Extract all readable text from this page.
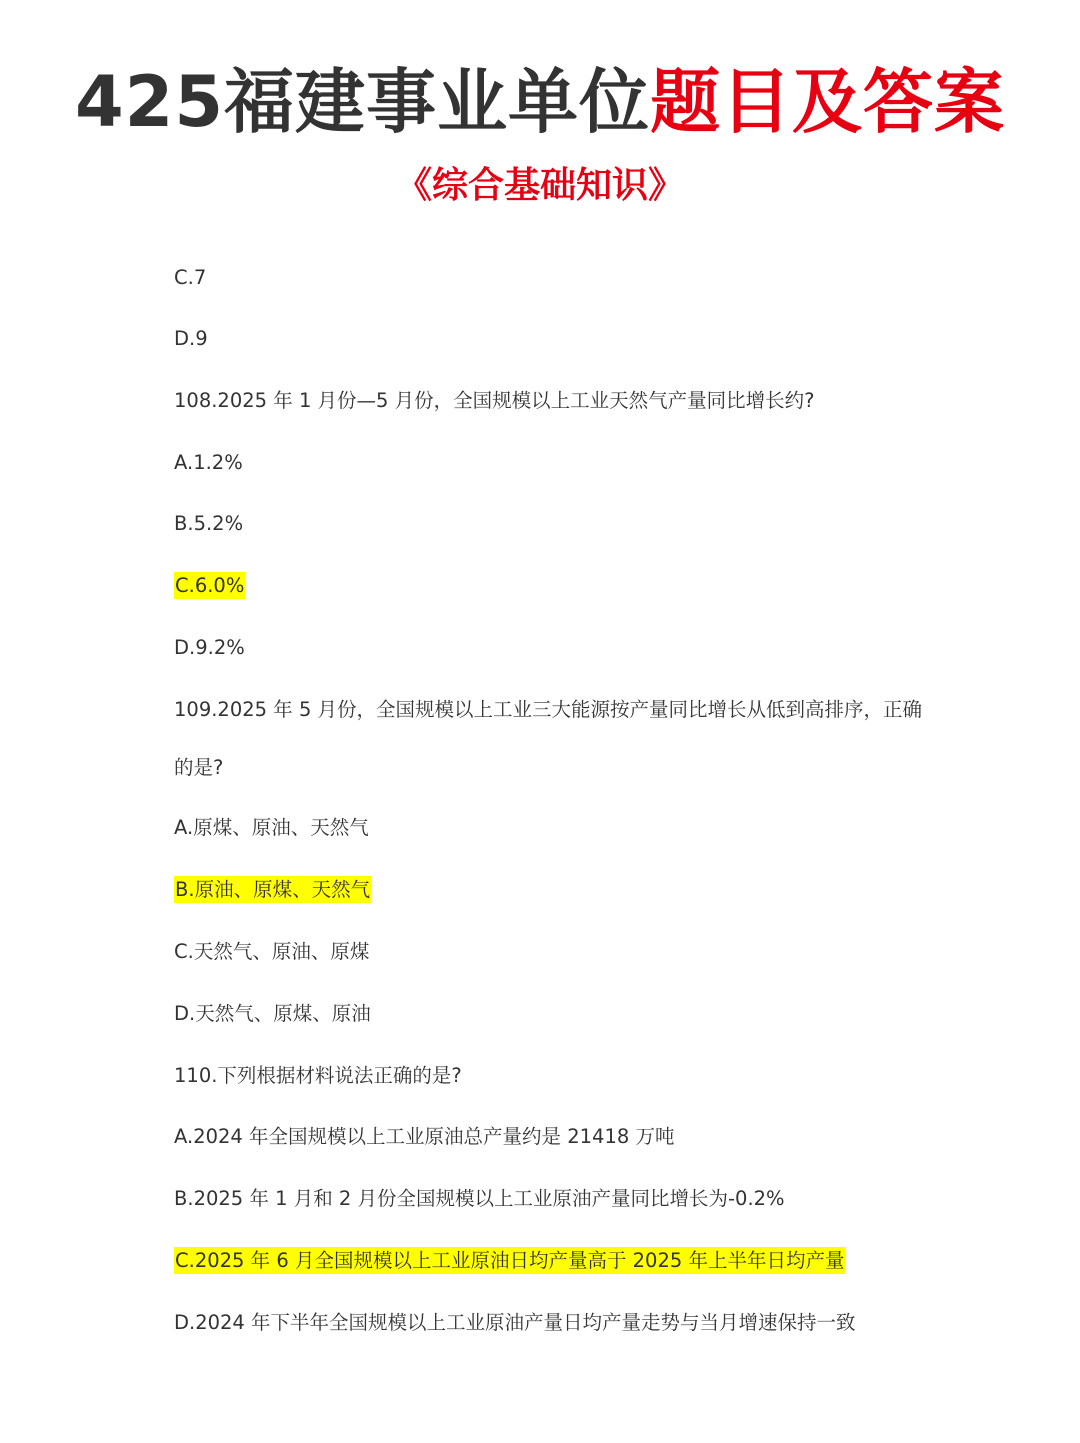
425福建事业单位题目及答案
《综合基础知识》
C.7
D.9
108.2025 年 1 月份—5 月份，全国规模以上工业天然气产量同比增长约?
A.1.2%
B.5.2%
C.6.0%
D.9.2%
109.2025 年 5 月份，全国规模以上工业三大能源按产量同比增长从低到高排序，正确
的是?
A.原煤、原油、天然气
B.原油、原煤、天然气
C.天然气、原油、原煤
D.天然气、原煤、原油
110.下列根据材料说法正确的是?
A.2024 年全国规模以上工业原油总产量约是 21418 万吨
B.2025 年 1 月和 2 月份全国规模以上工业原油产量同比增长为-0.2%
C.2025 年 6 月全国规模以上工业原油日均产量高于 2025 年上半年日均产量
D.2024 年下半年全国规模以上工业原油产量日均产量走势与当月增速保持一致
